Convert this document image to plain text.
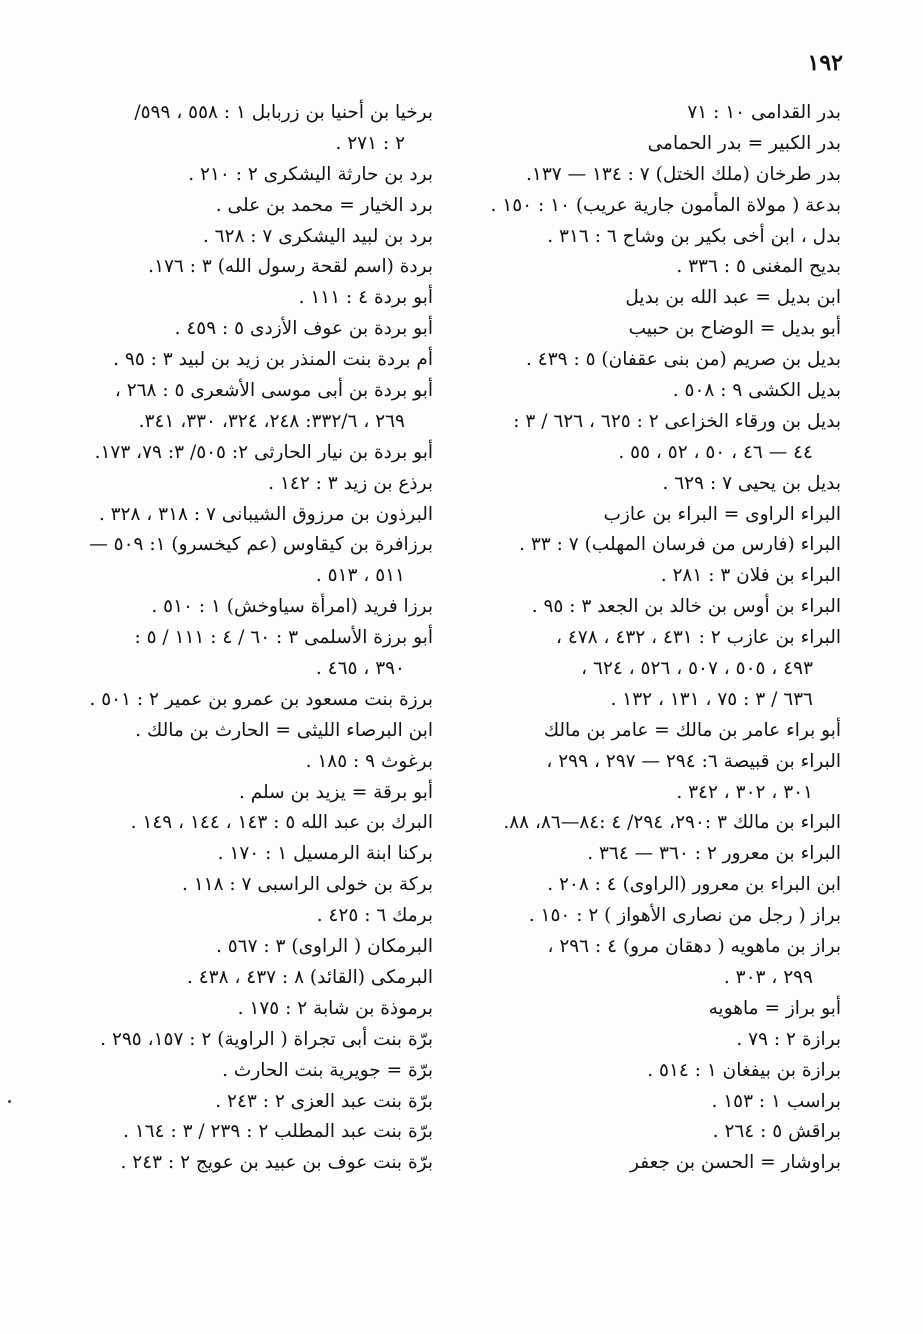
١٩٢
بدر القدامى ١٠ : ٧١
بدر الكبير = بدر الحمامى
بدر طرخان (ملك الختل) ٧ : ١٣٤ — ١٣٧.
بدعة ( مولاة المأمون جارية عريب) ١٠ : ١٥٠ .
بدل ، ابن أخى بكير بن وشاح ٦ : ٣١٦ .
بديح المغنى ٥ : ٣٣٦ .
ابن بديل = عبد الله بن بديل
أبو بديل = الوضاح بن حبيب
بديل بن صريم (من بنى عقفان) ٥ : ٤٣٩ .
بديل الكشى ٩ : ٥٠٨ .
بديل بن ورقاء الخزاعى ٢ : ٦٢٥ ، ٦٢٦ / ٣ :
٤٤ — ٤٦ ، ٥٠ ، ٥٢ ، ٥٥ .
بديل بن يحيى ٧ : ٦٢٩ .
البراء الراوى = البراء بن عازب
البراء (فارس من فرسان المهلب) ٧ : ٣٣ .
البراء بن فلان ٣ : ٢٨١ .
البراء بن أوس بن خالد بن الجعد ٣ : ٩٥ .
البراء بن عازب ٢ : ٤٣١ ، ٤٣٢ ، ٤٧٨ ،
٤٩٣ ، ٥٠٥ ، ٥٠٧ ، ٥٢٦ ، ٦٢٤ ،
٦٣٦ / ٣ : ٧٥ ، ١٣١ ، ١٣٢ .
أبو براء عامر بن مالك = عامر بن مالك
البراء بن قبيصة ٦: ٢٩٤ — ٢٩٧ ، ٢٩٩ ،
٣٠١ ، ٣٠٢ ، ٣٤٢ .
البراء بن مالك ٣ :٢٩٠، ٢٩٤/ ٤ :٨٤—٨٦، ٨٨.
البراء بن معرور ٢ : ٣٦٠ — ٣٦٤ .
ابن البراء بن معرور (الراوى) ٤ : ٢٠٨ .
براز ( رجل من نصارى الأهواز ) ٢ : ١٥٠ .
براز بن ماهويه ( دهقان مرو) ٤ : ٢٩٦ ،
٢٩٩ ، ٣٠٣ .
أبو براز = ماهويه
برازة ٢ : ٧٩ .
برازة بن بيفغان ١ : ٥١٤ .
براسب ١ : ١٥٣ .
براقش ٥ : ٢٦٤ .
براوشار = الحسن بن جعفر
برخيا بن أحنيا بن زربابل ١ : ٥٥٨ ، ٥٩٩/
٢ : ٢٧١ .
برد بن حارثة اليشكرى ٢ : ٢١٠ .
برد الخيار = محمد بن على .
برد بن لبيد اليشكرى ٧ : ٦٢٨ .
بردة (اسم لقحة رسول الله) ٣ : ١٧٦.
أبو بردة ٤ : ١١١ .
أبو بردة بن عوف الأزدى ٥ : ٤٥٩ .
أم بردة بنت المنذر بن زيد بن لبيد ٣ : ٩٥ .
أبو بردة بن أبى موسى الأشعرى ٥ : ٢٦٨ ،
٢٦٩ ، ٣٣٢/٦: ٢٤٨، ٣٢٤، ٣٣٠، ٣٤١.
أبو بردة بن نيار الحارثى ٢: ٥٠٥/ ٣: ٧٩، ١٧٣.
برذع بن زيد ٣ : ١٤٢ .
البرذون بن مرزوق الشيبانى ٧ : ٣١٨ ، ٣٢٨ .
برزافرة بن كيقاوس (عم كيخسرو) ١: ٥٠٩ —
٥١١ ، ٥١٣ .
برزا فريد (امرأة سياوخش) ١ : ٥١٠ .
أبو برزة الأسلمى ٣ : ٦٠ / ٤ : ١١١ / ٥ :
٣٩٠ ، ٤٦٥ .
برزة بنت مسعود بن عمرو بن عمير ٢ : ٥٠١ .
ابن البرصاء الليثى = الحارث بن مالك .
برغوث ٩ : ١٨٥ .
أبو برقة = يزيد بن سلم .
البرك بن عبد الله ٥ : ١٤٣ ، ١٤٤ ، ١٤٩ .
بركنا ابنة الرمسيل ١ : ١٧٠ .
بركة بن خولى الراسبى ٧ : ١١٨ .
برمك ٦ : ٤٢٥ .
البرمكان ( الراوى) ٣ : ٥٦٧ .
البرمكى (القائد) ٨ : ٤٣٧ ، ٤٣٨ .
برموذة بن شابة ٢ : ١٧٥ .
برّة بنت أبى تجراة ( الراوية) ٢ : ١٥٧، ٢٩٥ .
برّة = جويرية بنت الحارث .
برّة بنت عبد العزى ٢ : ٢٤٣ .
برّة بنت عبد المطلب ٢ : ٢٣٩ / ٣ : ١٦٤ .
برّة بنت عوف بن عبيد بن عويج ٢ : ٢٤٣ .
